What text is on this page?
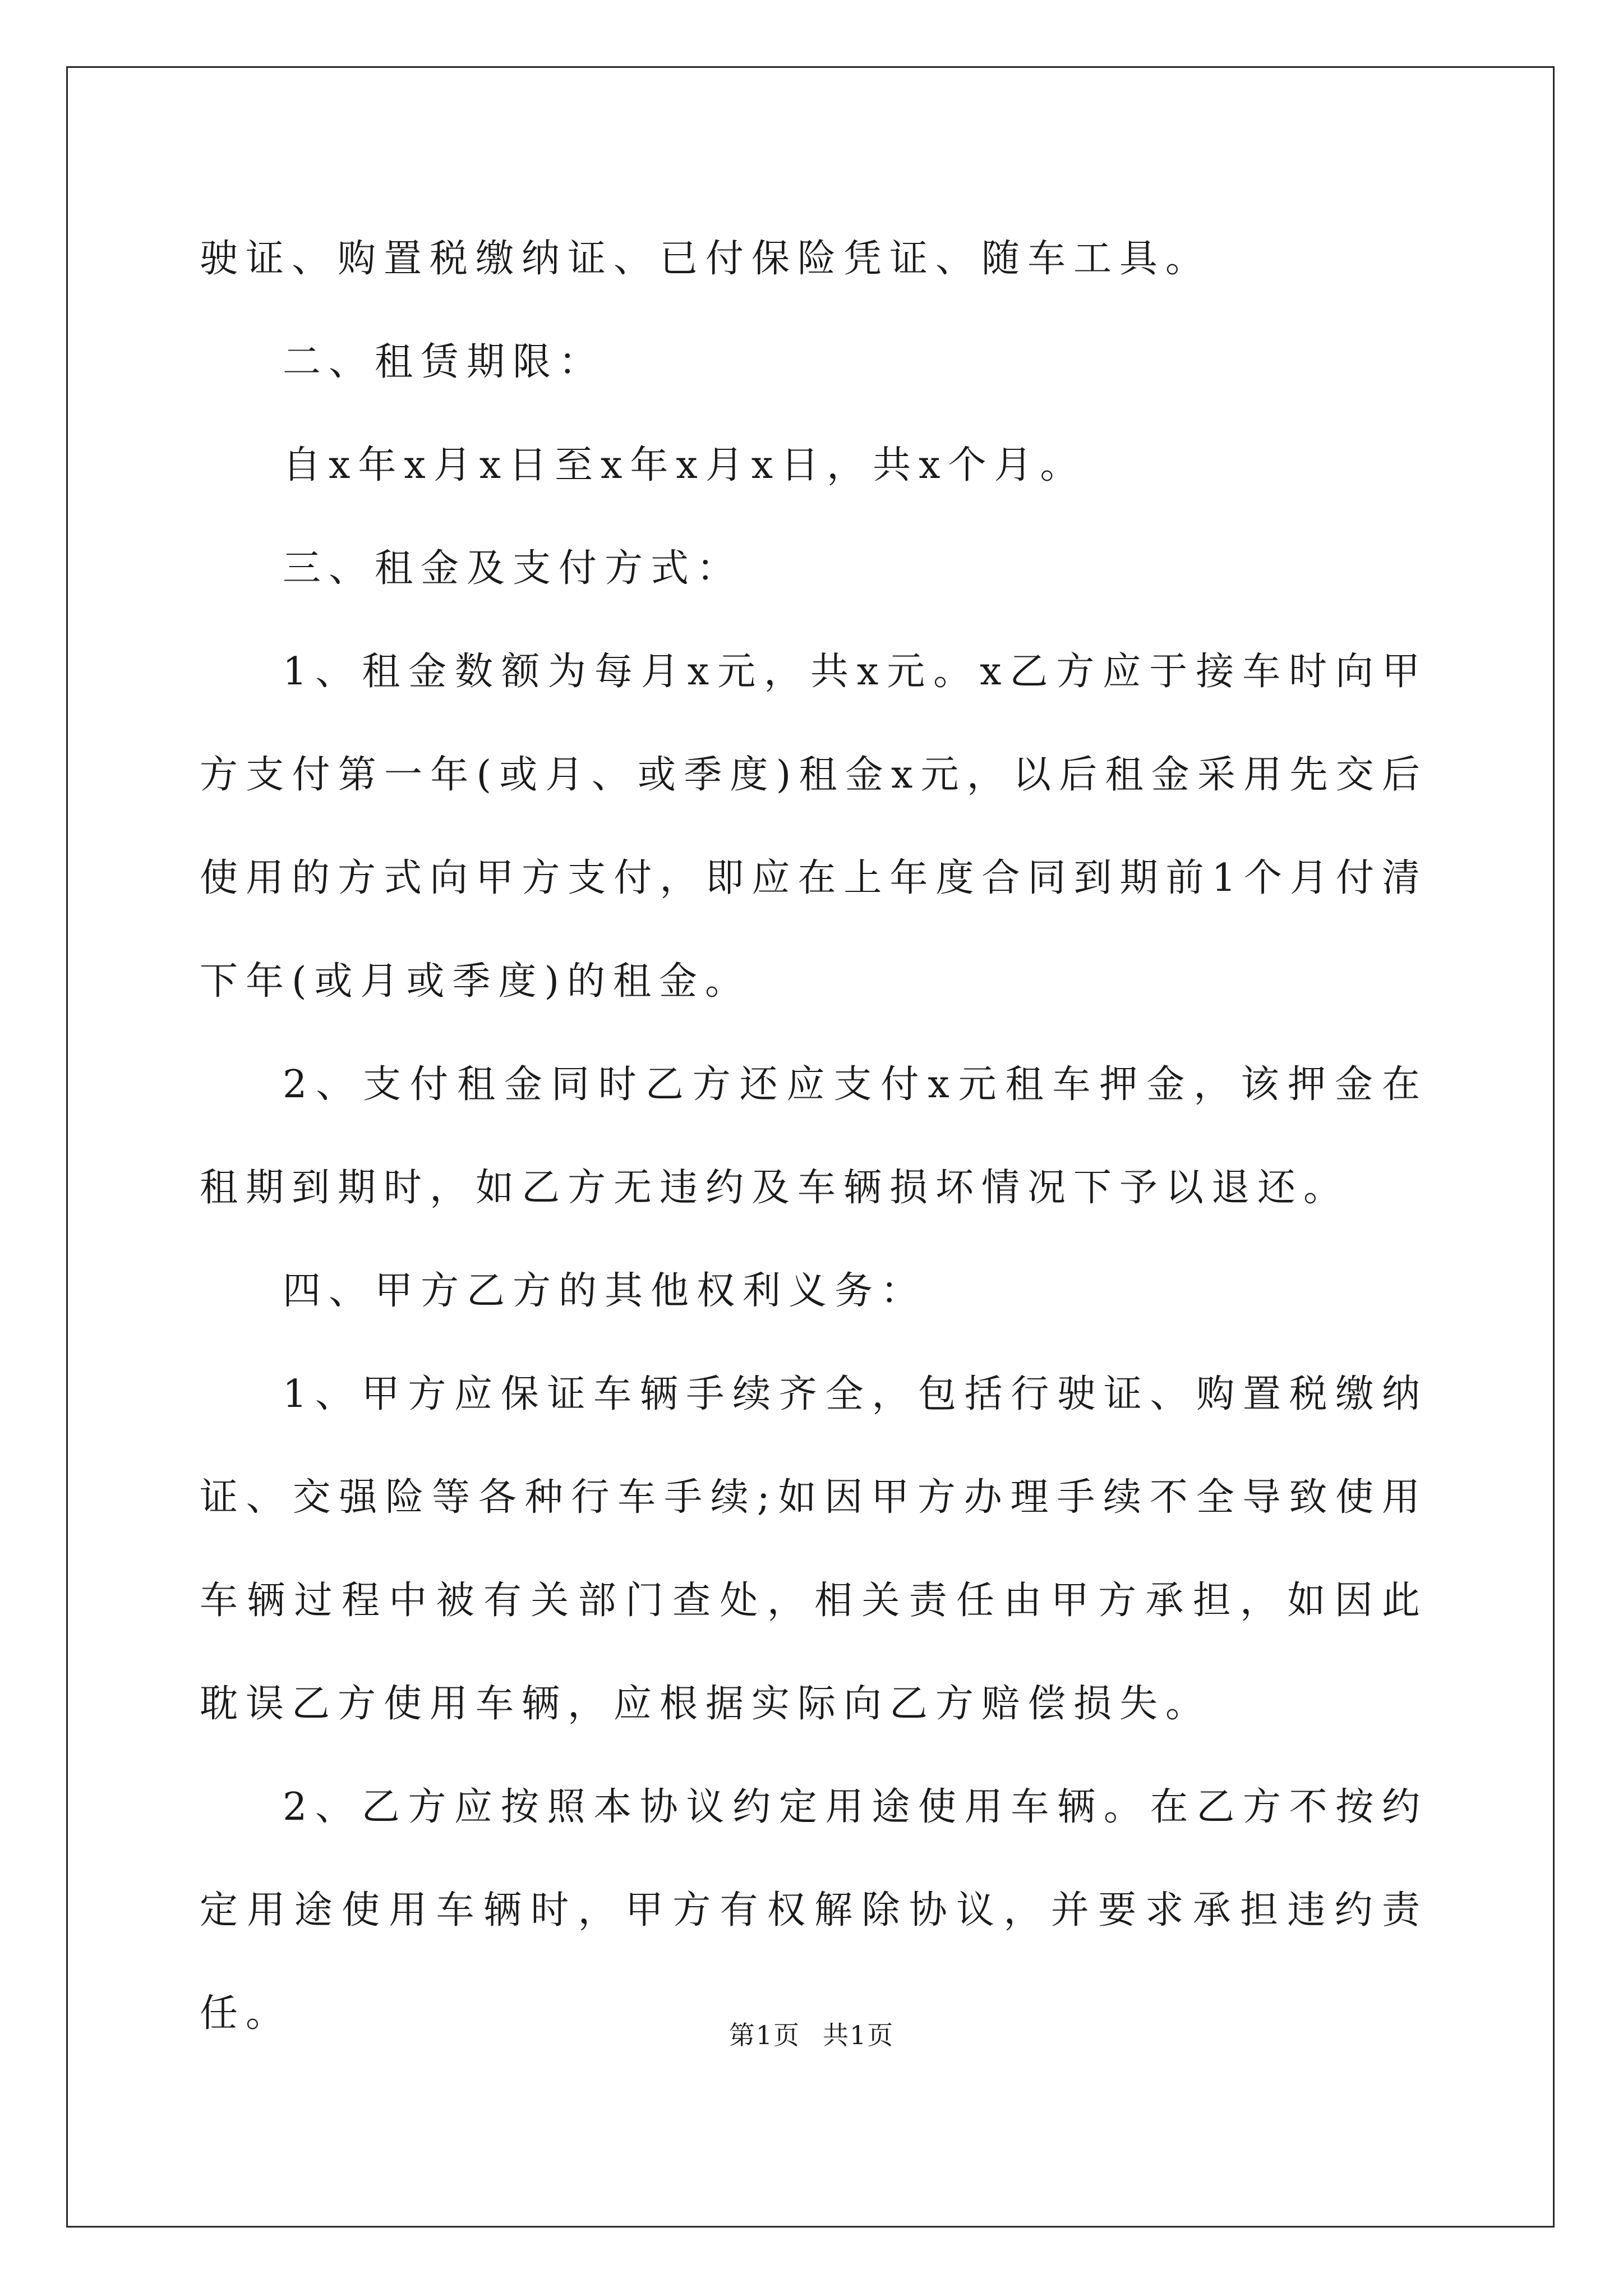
驶证、购置税缴纳证、已付保险凭证、随车工具。

二、租赁期限：

自x年x月x日至x年x月x日，共x个月。

三、租金及支付方式：

1、租金数额为每月x元，共x元。x乙方应于接车时向甲方支付第一年(或月、或季度)租金x元，以后租金采用先交后使用的方式向甲方支付，即应在上年度合同到期前1个月付清下年(或月或季度)的租金。

2、支付租金同时乙方还应支付x元租车押金，该押金在租期到期时，如乙方无违约及车辆损坏情况下予以退还。

四、甲方乙方的其他权利义务：

1、甲方应保证车辆手续齐全，包括行驶证、购置税缴纳证、交强险等各种行车手续;如因甲方办理手续不全导致使用车辆过程中被有关部门查处，相关责任由甲方承担，如因此耽误乙方使用车辆，应根据实际向乙方赔偿损失。

2、乙方应按照本协议约定用途使用车辆。在乙方不按约定用途使用车辆时，甲方有权解除协议，并要求承担违约责任。	第1页 共1页
